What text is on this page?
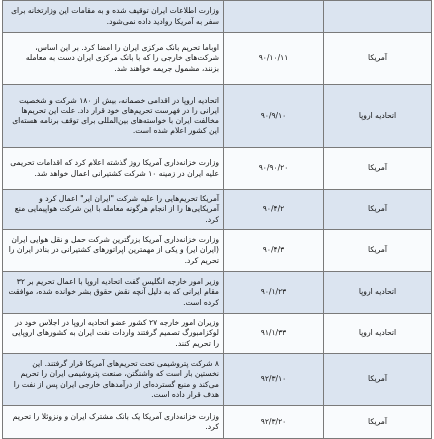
		وزارت اطلاعات ایران توقیف شده و به مقامات این وزارتخانه برای سفر به آمریکا روادید داده نمی‌شود.
آمریکا	۹۰/۱۰/۱۱	اوباما تحریم بانک مرکزی ایران را امضا کرد. بر این اساس، شرکت‌های خارجی را که با بانک مرکزی ایران دست به معامله بزنند، مشمول جریمه خواهند شد.
اتحادیه اروپا	۹۰/۹/۱۰	اتحادیه اروپا در اقدامی خصمانه، بیش از ۱۸۰ شرکت و شخصیت ایرانی را در فهرست تحریم‌های خود قرار داد. علت این تحریم‌ها مخالفت ایران با خواسته‌های بین‌المللی برای توقف برنامه هسته‌ای این کشور اعلام شده است.
آمریکا	۹۰/۹۰/۲۰	وزارت خزانه‌داری آمریکا روز گذشته اعلام کرد که اقدامات تحریمی علیه ایران در زمینه ۱۰ شرکت کشتیرانی اعمال خواهد شد.
آمریکا	۹۰/۴/۲	آمریکا تحریم‌هایی را علیه شرکت "ایران ایر" اعمال کرد و آمریکایی‌ها را از انجام هرگونه معامله با این شرکت هواپیمایی منع کرد.
آمریکا	۹۰/۴/۳	وزارت خزانه‌داری آمریکا بزرگترین شرکت حمل و نقل هوایی ایران (ایران ایر) و یکی از مهمترین اپراتورهای کشتیرانی در بنادر ایران را تحریم کرد.
اتحادیه اروپا	۹۰/۱/۲۳	وزیر امور خارجه انگلیس گفت اتحادیه اروپا با اعمال تحریم بر ۳۲ مقام ایرانی که به دلیل آنچه نقض حقوق بشر خوانده شده، موافقت کرده است.
اتحادیه اروپا	۹۱/۱/۳۳	وزیران امور خارجه ۲۷ کشور عضو اتحادیه اروپا در اجلاس خود در لوکزامبورگ تصمیم گرفتند واردات نفت ایران به کشورهای اروپایی را تحریم کنند.
آمریکا	۹۲/۳/۱۰	۸ شرکت پتروشیمی تحت تحریم‌های آمریکا قرار گرفتند. این نخستین بار است که واشنگتن، صنعت پتروشیمی ایران را تحریم می‌کند و منبع گسترده‌ای از درآمدهای خارجی ایران پس از نفت را هدف قرار داده است.
آمریکا	۹۲/۳/۲۰	وزارت خزانه‌داری آمریکا یک بانک مشترک ایران و ونزوئلا را تحریم کرد.
